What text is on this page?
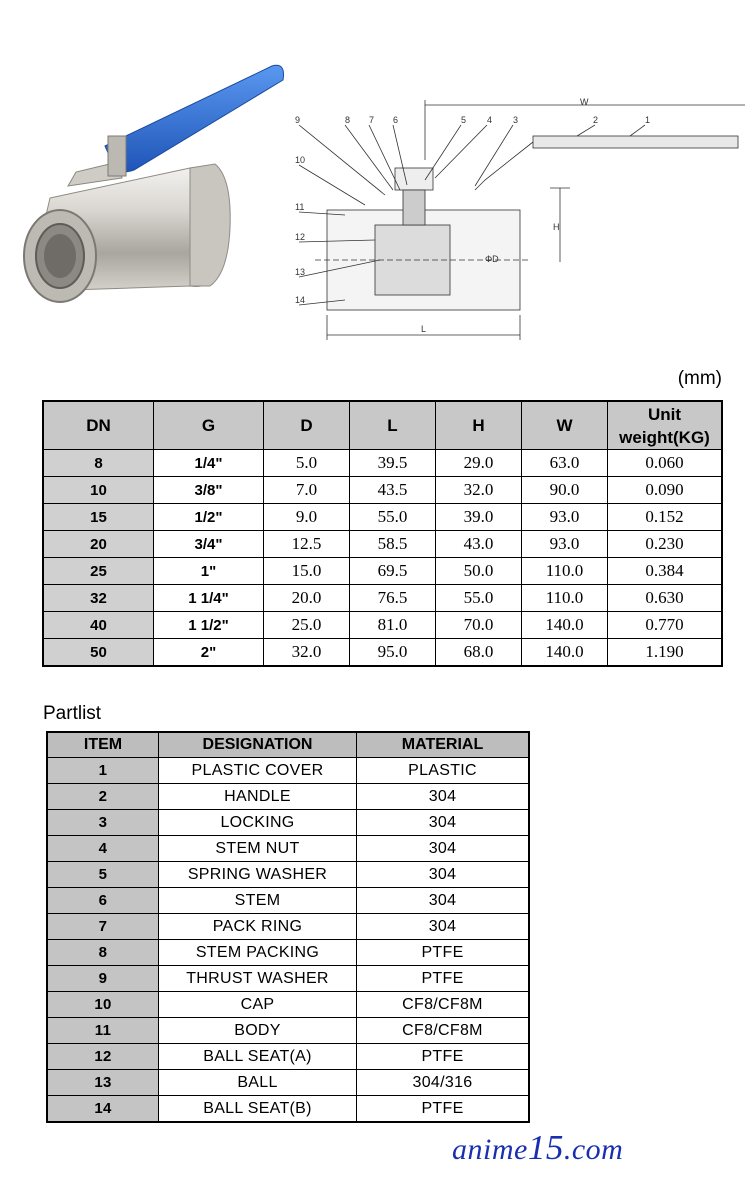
W
H
L
ΦD
1
2
3
4
5
6
7
8
9
10
11
12
13
14
(mm)
DN	G	D	L	H	W	Unit
weight(KG)
8	1/4"	5.0	39.5	29.0	63.0	0.060
10	3/8"	7.0	43.5	32.0	90.0	0.090
15	1/2"	9.0	55.0	39.0	93.0	0.152
20	3/4"	12.5	58.5	43.0	93.0	0.230
25	1"	15.0	69.5	50.0	110.0	0.384
32	1 1/4"	20.0	76.5	55.0	110.0	0.630
40	1 1/2"	25.0	81.0	70.0	140.0	0.770
50	2"	32.0	95.0	68.0	140.0	1.190
Partlist
ITEM	DESIGNATION	MATERIAL
1	PLASTIC COVER	PLASTIC
2	HANDLE	304
3	LOCKING	304
4	STEM NUT	304
5	SPRING WASHER	304
6	STEM	304
7	PACK RING	304
8	STEM PACKING	PTFE
9	THRUST WASHER	PTFE
10	CAP	CF8/CF8M
11	BODY	CF8/CF8M
12	BALL SEAT(A)	PTFE
13	BALL	304/316
14	BALL SEAT(B)	PTFE
anime15.com
